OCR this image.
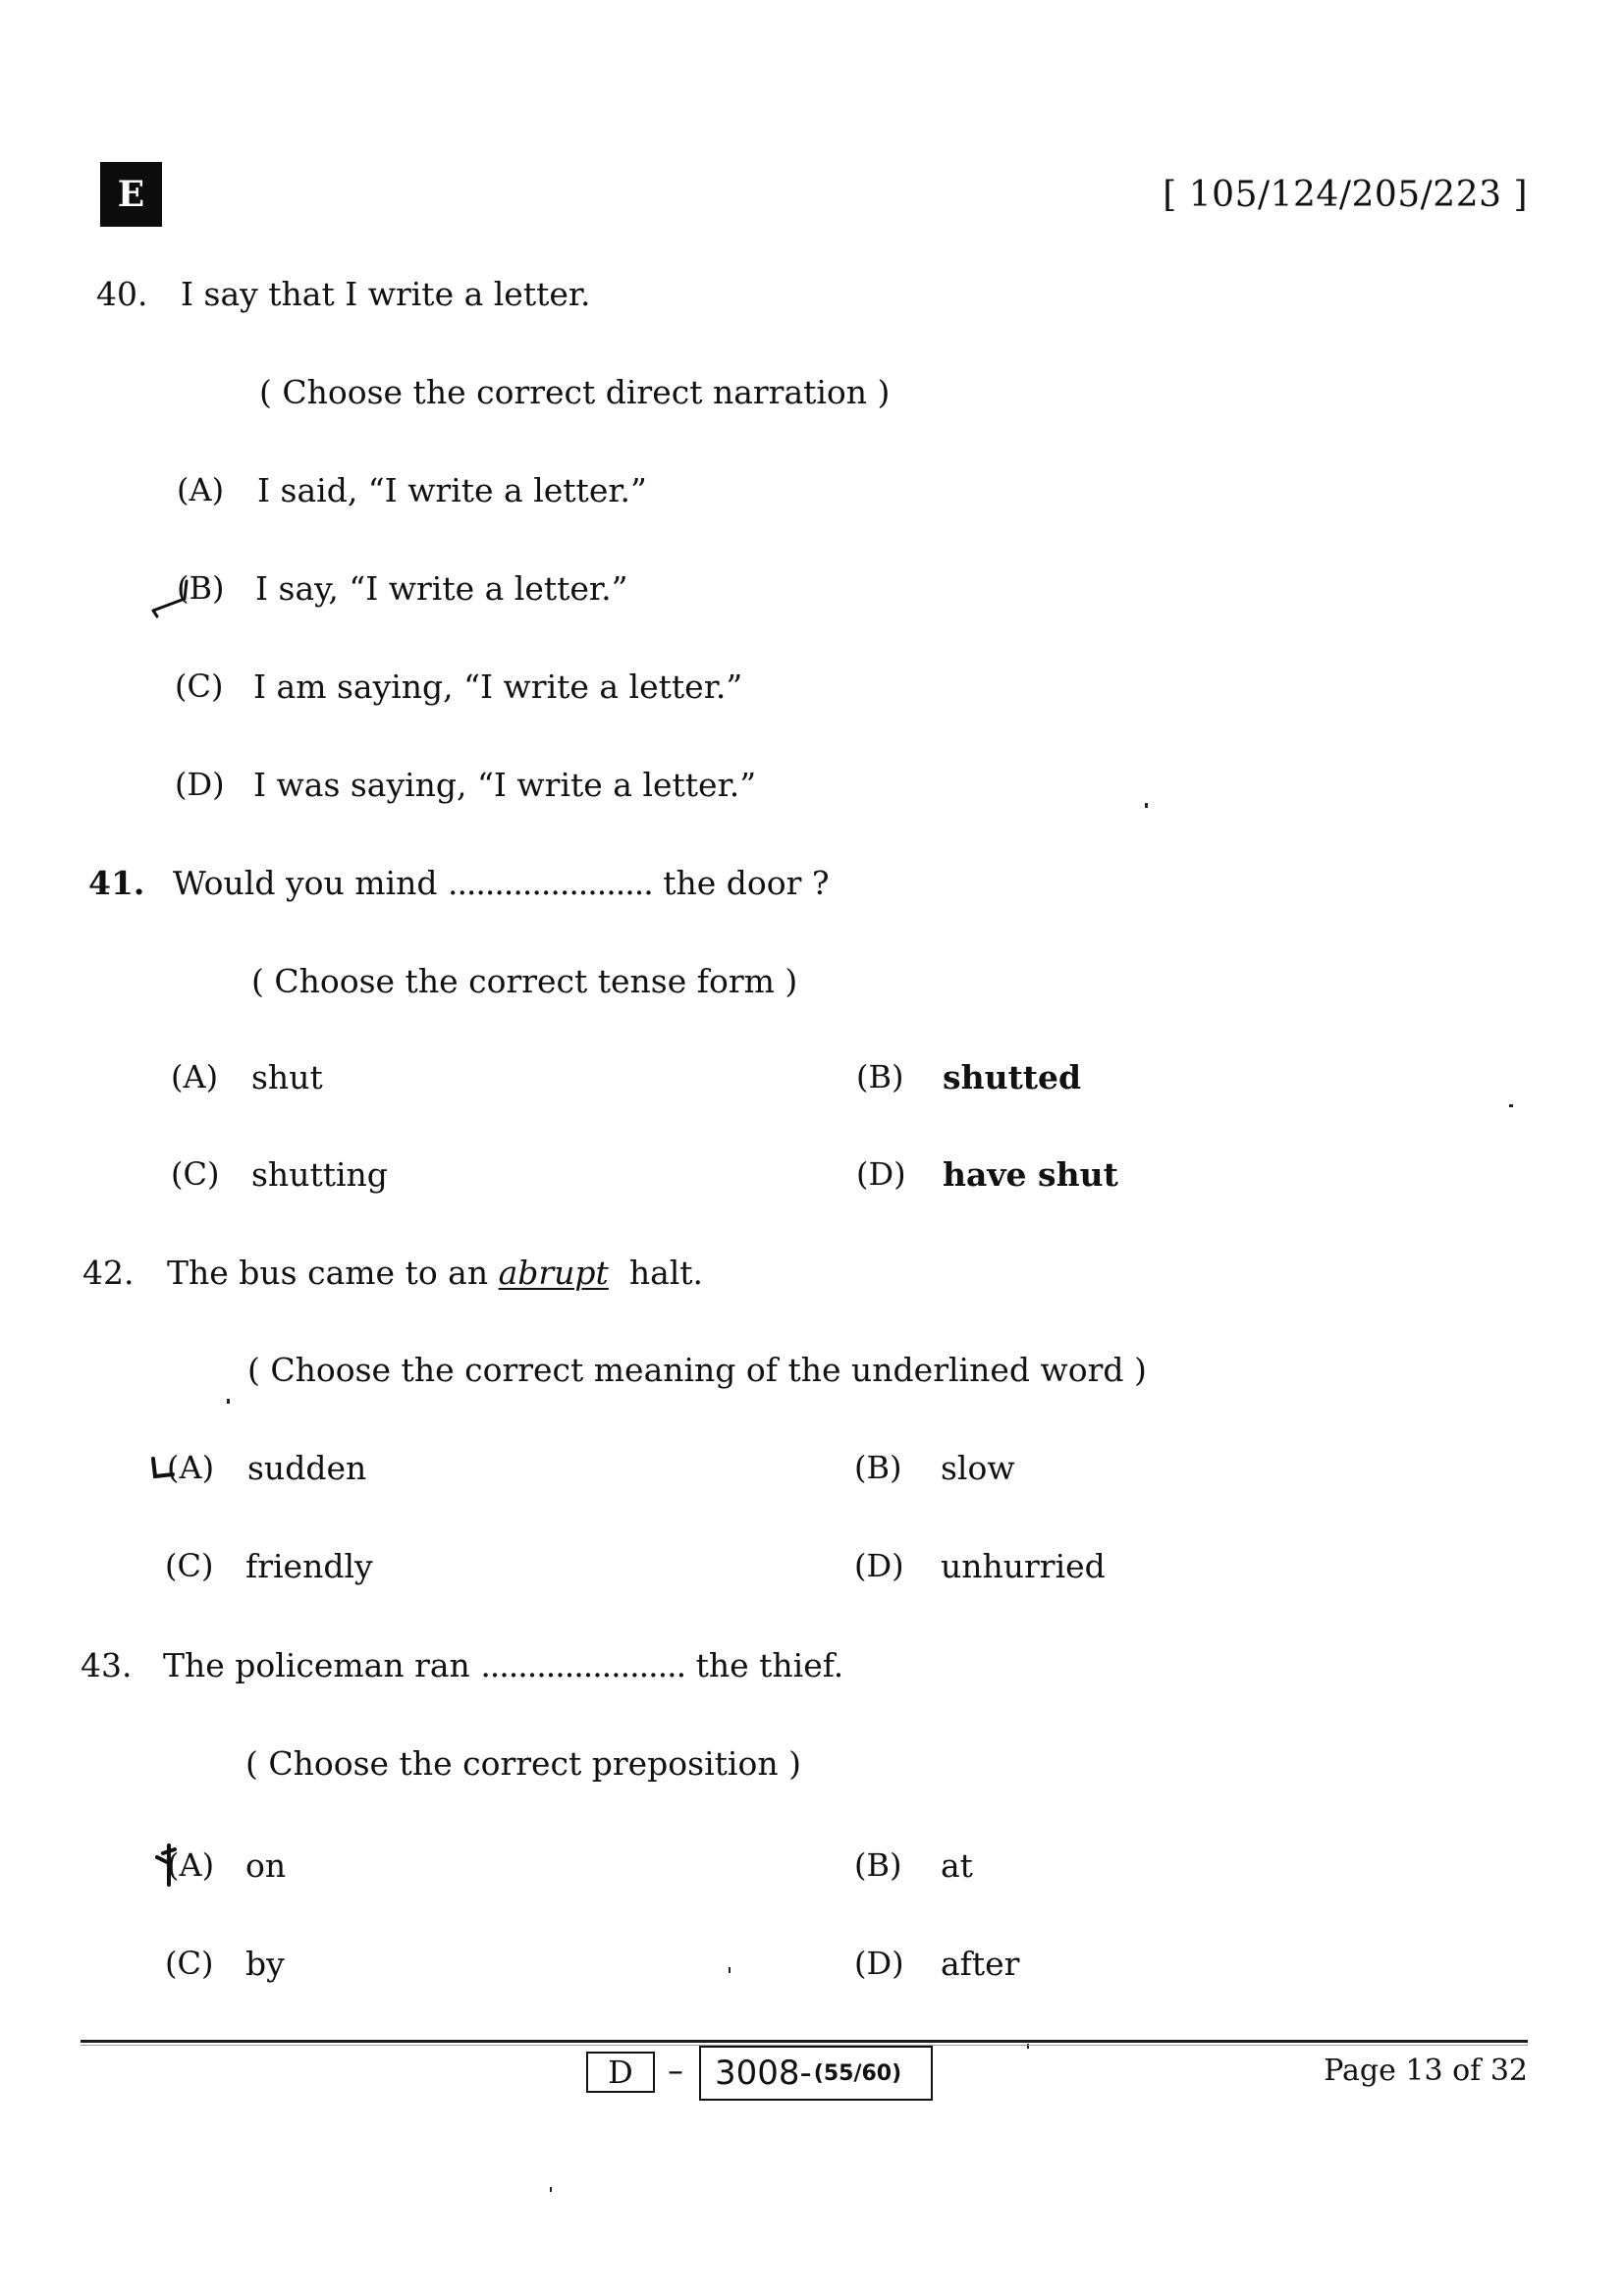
E	[ 105/124/205/223 ]
40. I say that I write a letter.
( Choose the correct direct narration )
(A) I said, “I write a letter.”
(B) I say, “I write a letter.”
(C) I am saying, “I write a letter.”
(D) I was saying, “I write a letter.”
41. Would you mind ...................... the door ?
( Choose the correct tense form )
(A) shut	(B) shutted
(C) shutting	(D) have shut
42. The bus came to an abrupt halt.
( Choose the correct meaning of the underlined word )
(A) sudden	(B) slow
(C) friendly	(D) unhurried
43. The policeman ran ...................... the thief.
( Choose the correct preposition )
(A) on	(B) at
(C) by	(D) after
D – 3008- (55/60)	Page 13 of 32
